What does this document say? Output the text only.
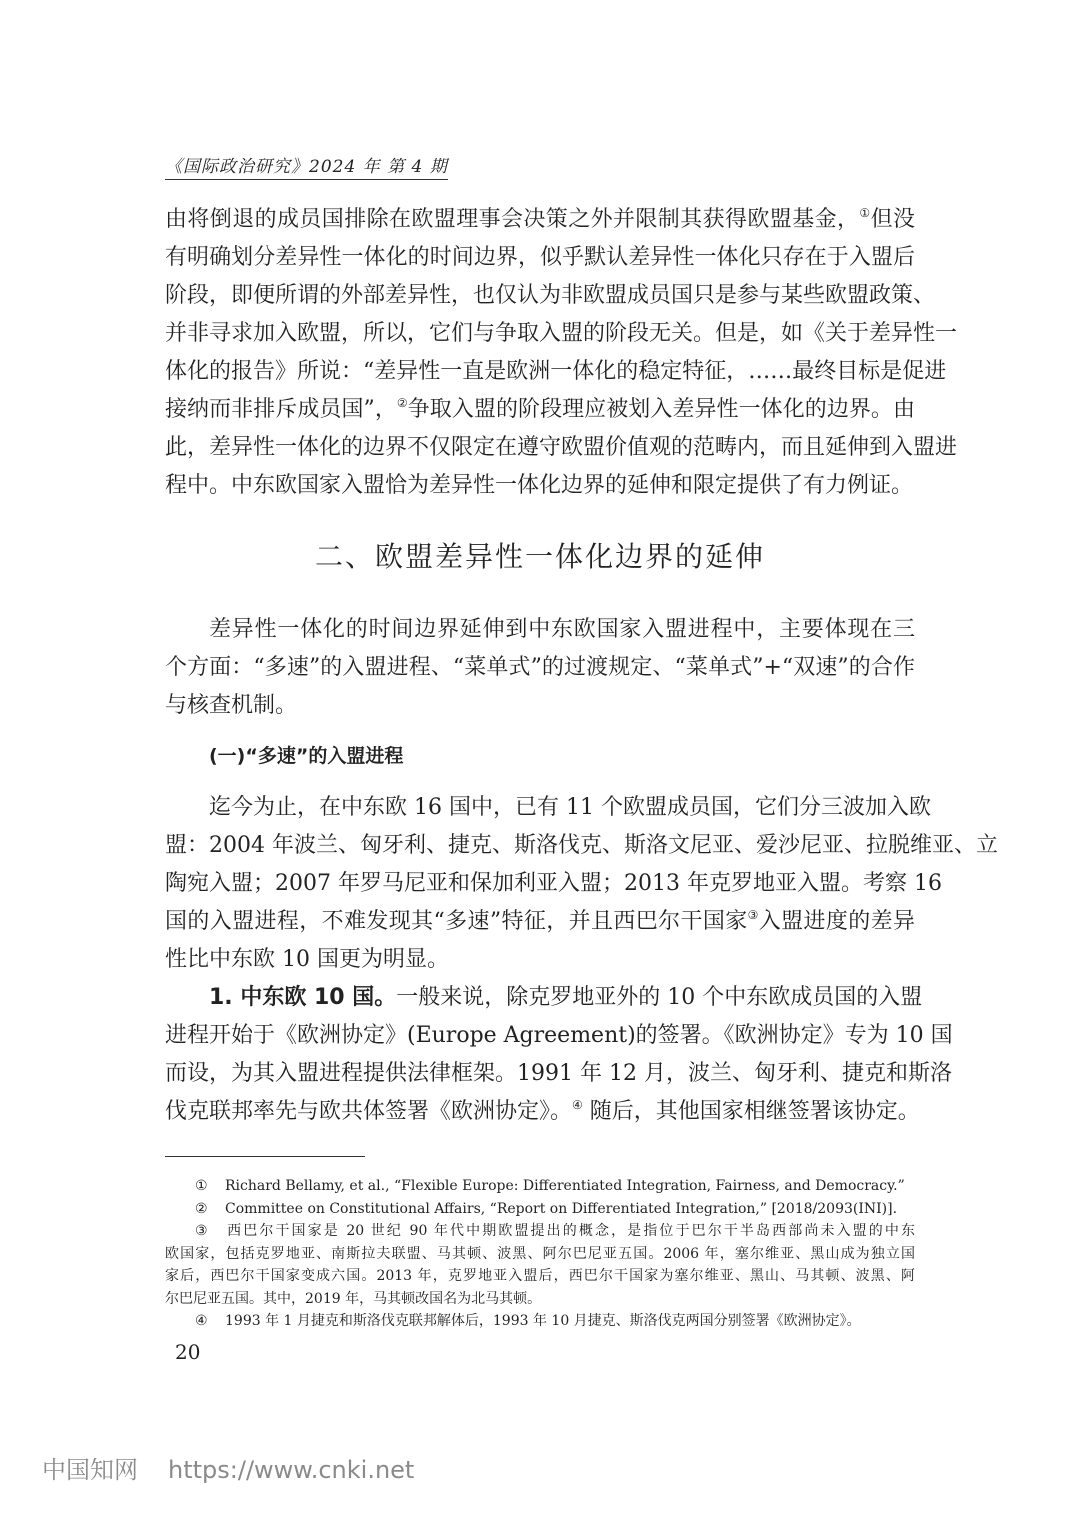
《国际政治研究》2024 年 第 4 期
由将倒退的成员国排除在欧盟理事会决策之外并限制其获得欧盟基金，①但没
有明确划分差异性一体化的时间边界，似乎默认差异性一体化只存在于入盟后
阶段，即便所谓的外部差异性，也仅认为非欧盟成员国只是参与某些欧盟政策、
并非寻求加入欧盟，所以，它们与争取入盟的阶段无关。但是，如《关于差异性一
体化的报告》所说：“差异性一直是欧洲一体化的稳定特征，……最终目标是促进
接纳而非排斥成员国”，②争取入盟的阶段理应被划入差异性一体化的边界。由
此，差异性一体化的边界不仅限定在遵守欧盟价值观的范畴内，而且延伸到入盟进
程中。中东欧国家入盟恰为差异性一体化边界的延伸和限定提供了有力例证。
二、欧盟差异性一体化边界的延伸
差异性一体化的时间边界延伸到中东欧国家入盟进程中，主要体现在三
个方面：“多速”的入盟进程、“菜单式”的过渡规定、“菜单式”+“双速”的合作
与核查机制。
(一)“多速”的入盟进程
迄今为止，在中东欧 16 国中，已有 11 个欧盟成员国，它们分三波加入欧
盟：2004 年波兰、匈牙利、捷克、斯洛伐克、斯洛文尼亚、爱沙尼亚、拉脱维亚、立
陶宛入盟；2007 年罗马尼亚和保加利亚入盟；2013 年克罗地亚入盟。考察 16
国的入盟进程，不难发现其“多速”特征，并且西巴尔干国家③入盟进度的差异
性比中东欧 10 国更为明显。
1. 中东欧 10 国。一般来说，除克罗地亚外的 10 个中东欧成员国的入盟
进程开始于《欧洲协定》(Europe Agreement)的签署。《欧洲协定》专为 10 国
而设，为其入盟进程提供法律框架。1991 年 12 月，波兰、匈牙利、捷克和斯洛
伐克联邦率先与欧共体签署《欧洲协定》。④ 随后，其他国家相继签署该协定。
① Richard Bellamy, et al., “Flexible Europe: Differentiated Integration, Fairness, and Democracy.”
② Committee on Constitutional Affairs, “Report on Differentiated Integration,” [2018/2093(INI)].
③ 西巴尔干国家是 20 世纪 90 年代中期欧盟提出的概念，是指位于巴尔干半岛西部尚未入盟的中东
欧国家，包括克罗地亚、南斯拉夫联盟、马其顿、波黑、阿尔巴尼亚五国。2006 年，塞尔维亚、黑山成为独立国
家后，西巴尔干国家变成六国。2013 年，克罗地亚入盟后，西巴尔干国家为塞尔维亚、黑山、马其顿、波黑、阿
尔巴尼亚五国。其中，2019 年，马其顿改国名为北马其顿。
④ 1993 年 1 月捷克和斯洛伐克联邦解体后，1993 年 10 月捷克、斯洛伐克两国分别签署《欧洲协定》。
20
中国知网 https://www.cnki.net
